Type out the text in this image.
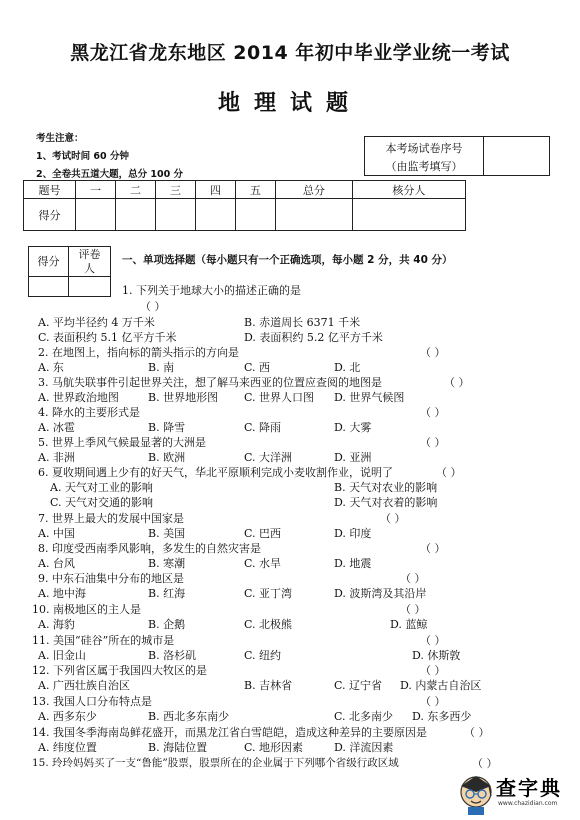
黑龙江省龙东地区 2014 年初中毕业学业统一考试
地理试题
考生注意：
1、考试时间 60 分钟
2、全卷共五道大题，总分 100 分
本考场试卷序号
（由监考填写）
题号	一	二	三	四	五	总分	核分人
得分							
得分	评卷人

一、单项选择题（每小题只有一个正确选项，每小题 2 分，共 40 分）
1. 下列关于地球大小的描述正确的是
（ ）
A. 平均半径约 4 万千米	B. 赤道周长 6371 千米
C. 表面积约 5.1 亿平方千米	D. 表面积约 5.2 亿平方千米
2. 在地图上，指向标的箭头指示的方向是	（ ）
A. 东	B. 南	C. 西	D. 北
3. 马航失联事件引起世界关注，想了解马来西亚的位置应查阅的地图是	（ ）
A. 世界政治地图	B. 世界地形图 C. 世界人口图 D. 世界气候图
4. 降水的主要形式是	（ ）
A. 冰雹	B. 降雪	C. 降雨	D. 大雾
5. 世界上季风气候最显著的大洲是	（ ）
A. 非洲	B. 欧洲	C. 大洋洲	D. 亚洲
6. 夏收期间遇上少有的好天气，华北平原顺利完成小麦收割作业，说明了	（ ）
A. 天气对工业的影响	B. 天气对农业的影响
C. 天气对交通的影响	D. 天气对衣着的影响
7. 世界上最大的发展中国家是	（ ）
A. 中国	B. 美国	C. 巴西	D. 印度
8. 印度受西南季风影响，多发生的自然灾害是	（ ）
A. 台风	B. 寒潮	C. 水旱	D. 地震
9. 中东石油集中分布的地区是	（ ）
A. 地中海	B. 红海	C. 亚丁湾	D. 波斯湾及其沿岸
10. 南极地区的主人是	（ ）
A. 海豹	B. 企鹅	C. 北极熊	D. 蓝鲸
11. 美国“硅谷”所在的城市是	（ ）
A. 旧金山	B. 洛杉矶	C. 纽约	D. 休斯敦
12. 下列省区属于我国四大牧区的是	（ ）
A. 广西壮族自治区	B. 吉林省	C. 辽宁省 D. 内蒙古自治区
13. 我国人口分布特点是	（ ）
A. 西多东少	B. 西北多东南少	C. 北多南少 D. 东多西少
14. 我国冬季海南岛鲜花盛开，而黑龙江省白雪皑皑，造成这种差异的主要原因是	（ ）
A. 纬度位置	B. 海陆位置	C. 地形因素	D. 洋流因素
15. 玲玲妈妈买了一支“鲁能”股票，股票所在的企业属于下列哪个省级行政区域	（ ）
查字典
www.chazidian.com
